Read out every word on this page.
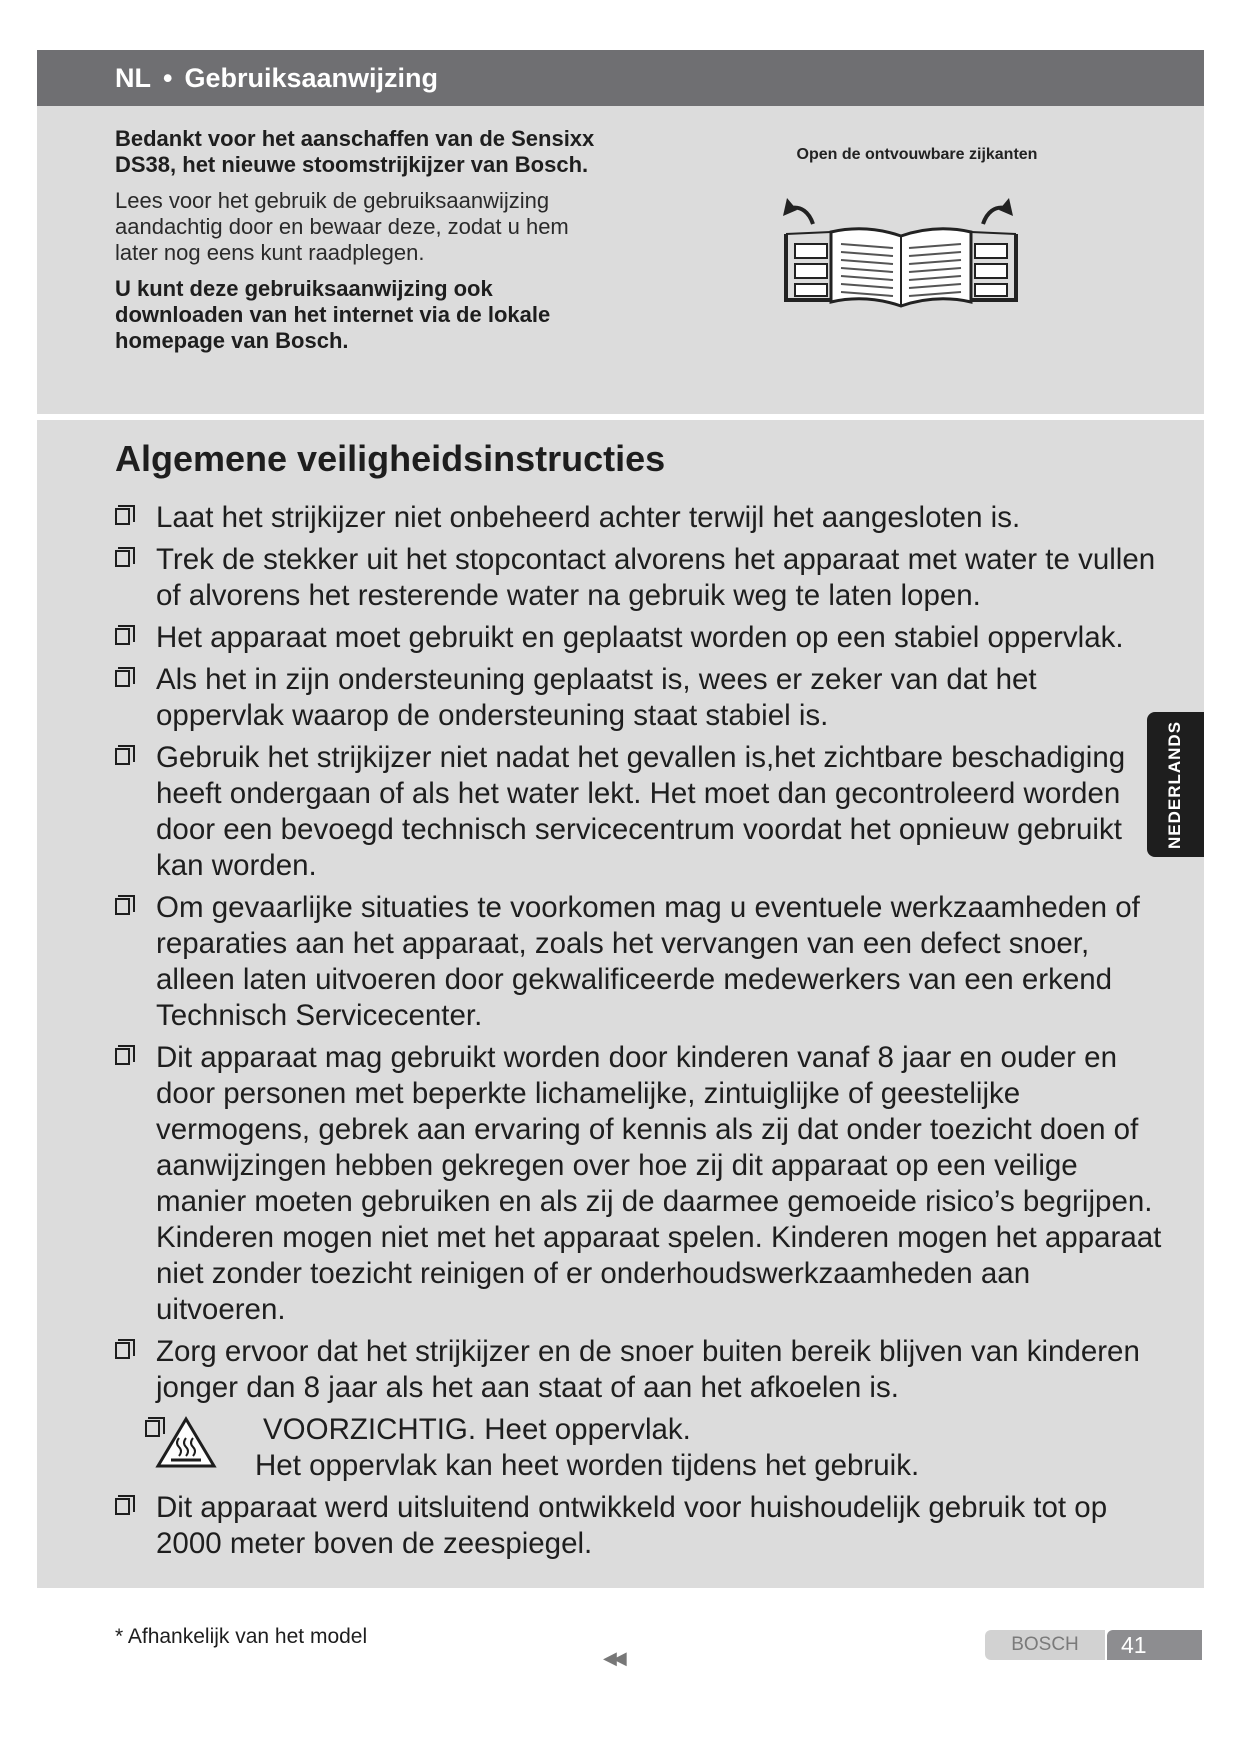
NL • Gebruiksaanwijzing

Bedankt voor het aanschaffen van de Sensixx DS38, het nieuwe stoomstrijkijzer van Bosch.

Lees voor het gebruik de gebruiksaanwijzing aandachtig door en bewaar deze, zodat u hem later nog eens kunt raadplegen.

U kunt deze gebruiksaanwijzing ook downloaden van het internet via de lokale homepage van Bosch.

Open de ontvouwbare zijkanten
Algemene veiligheidsinstructies
Laat het strijkijzer niet onbeheerd achter terwijl het aangesloten is.
Trek de stekker uit het stopcontact alvorens het apparaat met water te vullen of alvorens het resterende water na gebruik weg te laten lopen.
Het apparaat moet gebruikt en geplaatst worden op een stabiel oppervlak.
Als het in zijn ondersteuning geplaatst is, wees er zeker van dat het oppervlak waarop de ondersteuning staat stabiel is.
Gebruik het strijkijzer niet nadat het gevallen is,het zichtbare beschadiging heeft ondergaan of als het water lekt. Het moet dan gecontroleerd worden door een bevoegd technisch servicecentrum voordat het opnieuw gebruikt kan worden.
Om gevaarlijke situaties te voorkomen mag u eventuele werkzaamheden of reparaties aan het apparaat, zoals het vervangen van een defect snoer, alleen laten uitvoeren door gekwalificeerde medewerkers van een erkend Technisch Servicecenter.
Dit apparaat mag gebruikt worden door kinderen vanaf 8 jaar en ouder en door personen met beperkte lichamelijke, zintuiglijke of geestelijke vermogens, gebrek aan ervaring of kennis als zij dat onder toezicht doen of aanwijzingen hebben gekregen over hoe zij dit apparaat op een veilige manier moeten gebruiken en als zij de daarmee gemoeide risico’s begrijpen. Kinderen mogen niet met het apparaat spelen. Kinderen mogen het apparaat niet zonder toezicht reinigen of er onderhoudswerkzaamheden aan uitvoeren.
Zorg ervoor dat het strijkijzer en de snoer buiten bereik blijven van kinderen jonger dan 8 jaar als het aan staat of aan het afkoelen is.
VOORZICHTIG. Heet oppervlak.
Het oppervlak kan heet worden tijdens het gebruik.
Dit apparaat werd uitsluitend ontwikkeld voor huishoudelijk gebruik tot op 2000 meter boven de zeespiegel.
NEDERLANDS
* Afhankelijk van het model
◀◀
BOSCH	41
